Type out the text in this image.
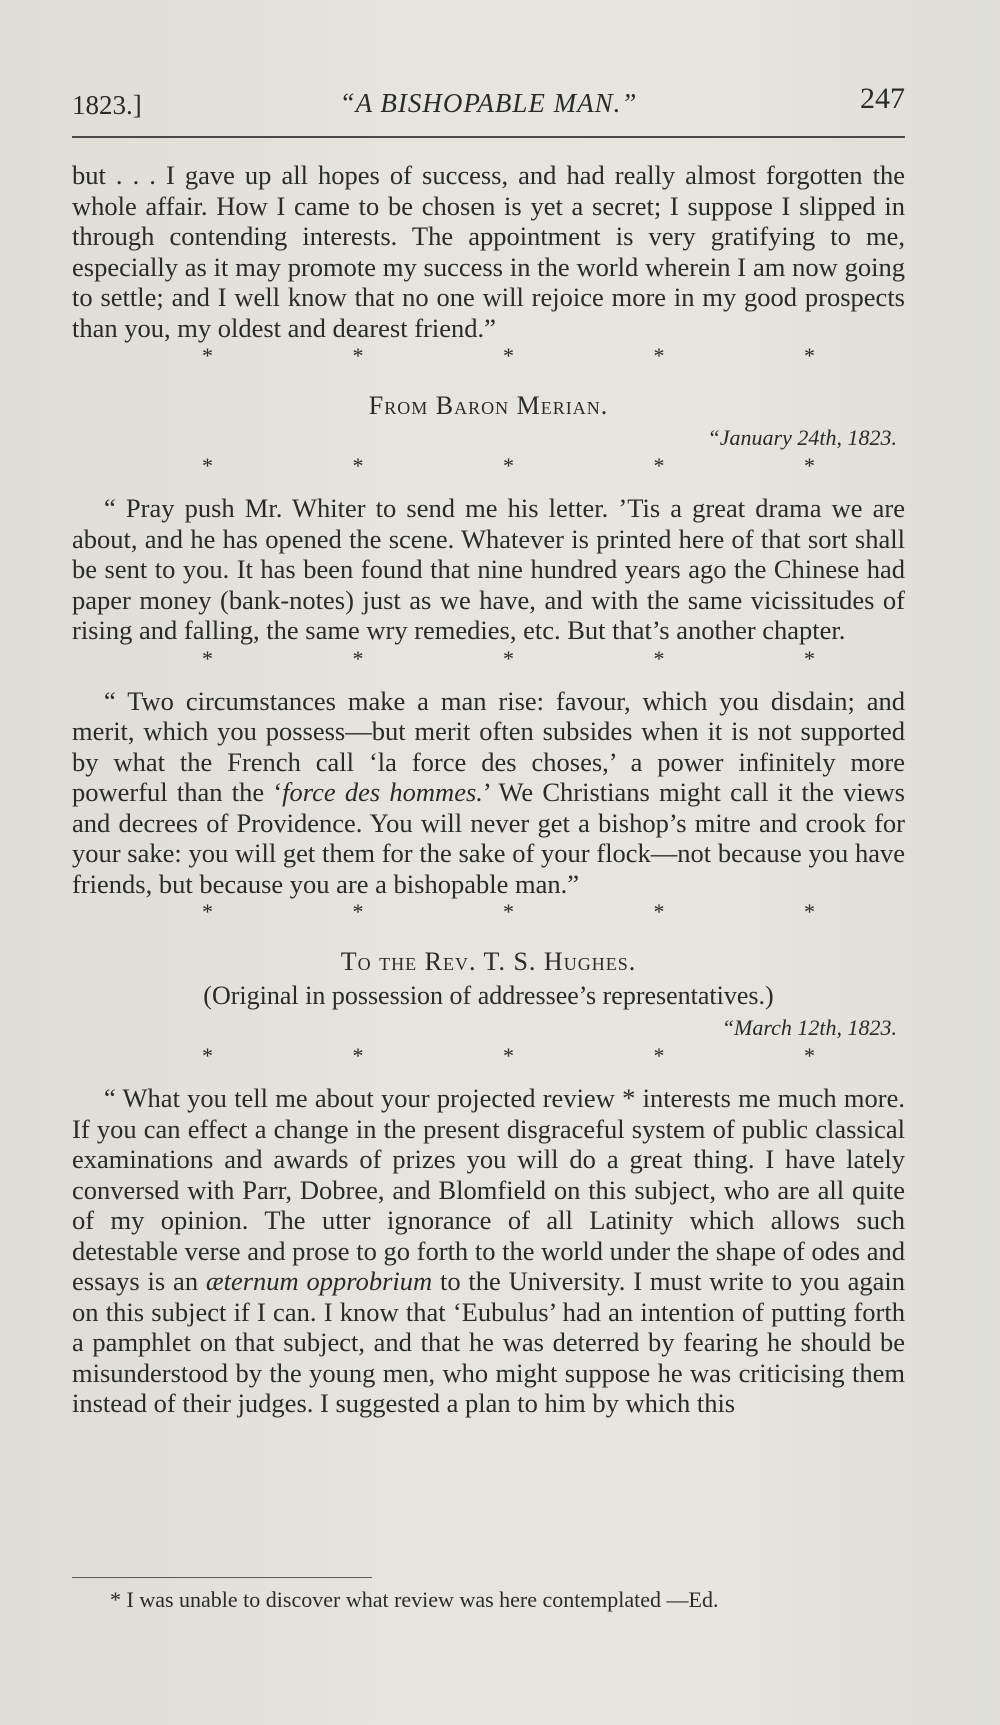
1823.]	“A BISHOPABLE MAN.”	247

but . . . I gave up all hopes of success, and had really almost forgotten the whole affair. How I came to be chosen is yet a secret; I suppose I slipped in through contending interests. The appointment is very gratifying to me, especially as it may promote my success in the world wherein I am now going to settle; and I well know that no one will rejoice more in my good prospects than you, my oldest and dearest friend.”

*	*	*	*	*
From Baron Merian.
“January 24th, 1823.
*	*	*	*	*

“ Pray push Mr. Whiter to send me his letter. ’Tis a great drama we are about, and he has opened the scene. Whatever is printed here of that sort shall be sent to you. It has been found that nine hundred years ago the Chinese had paper money (bank-notes) just as we have, and with the same vicissitudes of rising and falling, the same wry remedies, etc. But that’s another chapter.

*	*	*	*	*

“ Two circumstances make a man rise: favour, which you disdain; and merit, which you possess—but merit often subsides when it is not supported by what the French call ‘la force des choses,’ a power infinitely more powerful than the ‘force des hommes.’ We Christians might call it the views and decrees of Providence. You will never get a bishop’s mitre and crook for your sake: you will get them for the sake of your flock—not because you have friends, but because you are a bishopable man.”

*	*	*	*	*
To the Rev. T. S. Hughes.
(Original in possession of addressee’s representatives.)
“March 12th, 1823.
*	*	*	*	*

“ What you tell me about your projected review * interests me much more. If you can effect a change in the present disgraceful system of public classical examinations and awards of prizes you will do a great thing. I have lately conversed with Parr, Dobree, and Blomfield on this subject, who are all quite of my opinion. The utter ignorance of all Latinity which allows such detestable verse and prose to go forth to the world under the shape of odes and essays is an æternum opprobrium to the University. I must write to you again on this subject if I can. I know that ‘Eubulus’ had an intention of putting forth a pamphlet on that subject, and that he was deterred by fearing he should be misunderstood by the young men, who might suppose he was criticising them instead of their judges. I suggested a plan to him by which this

* I was unable to discover what review was here contemplated —Ed.
